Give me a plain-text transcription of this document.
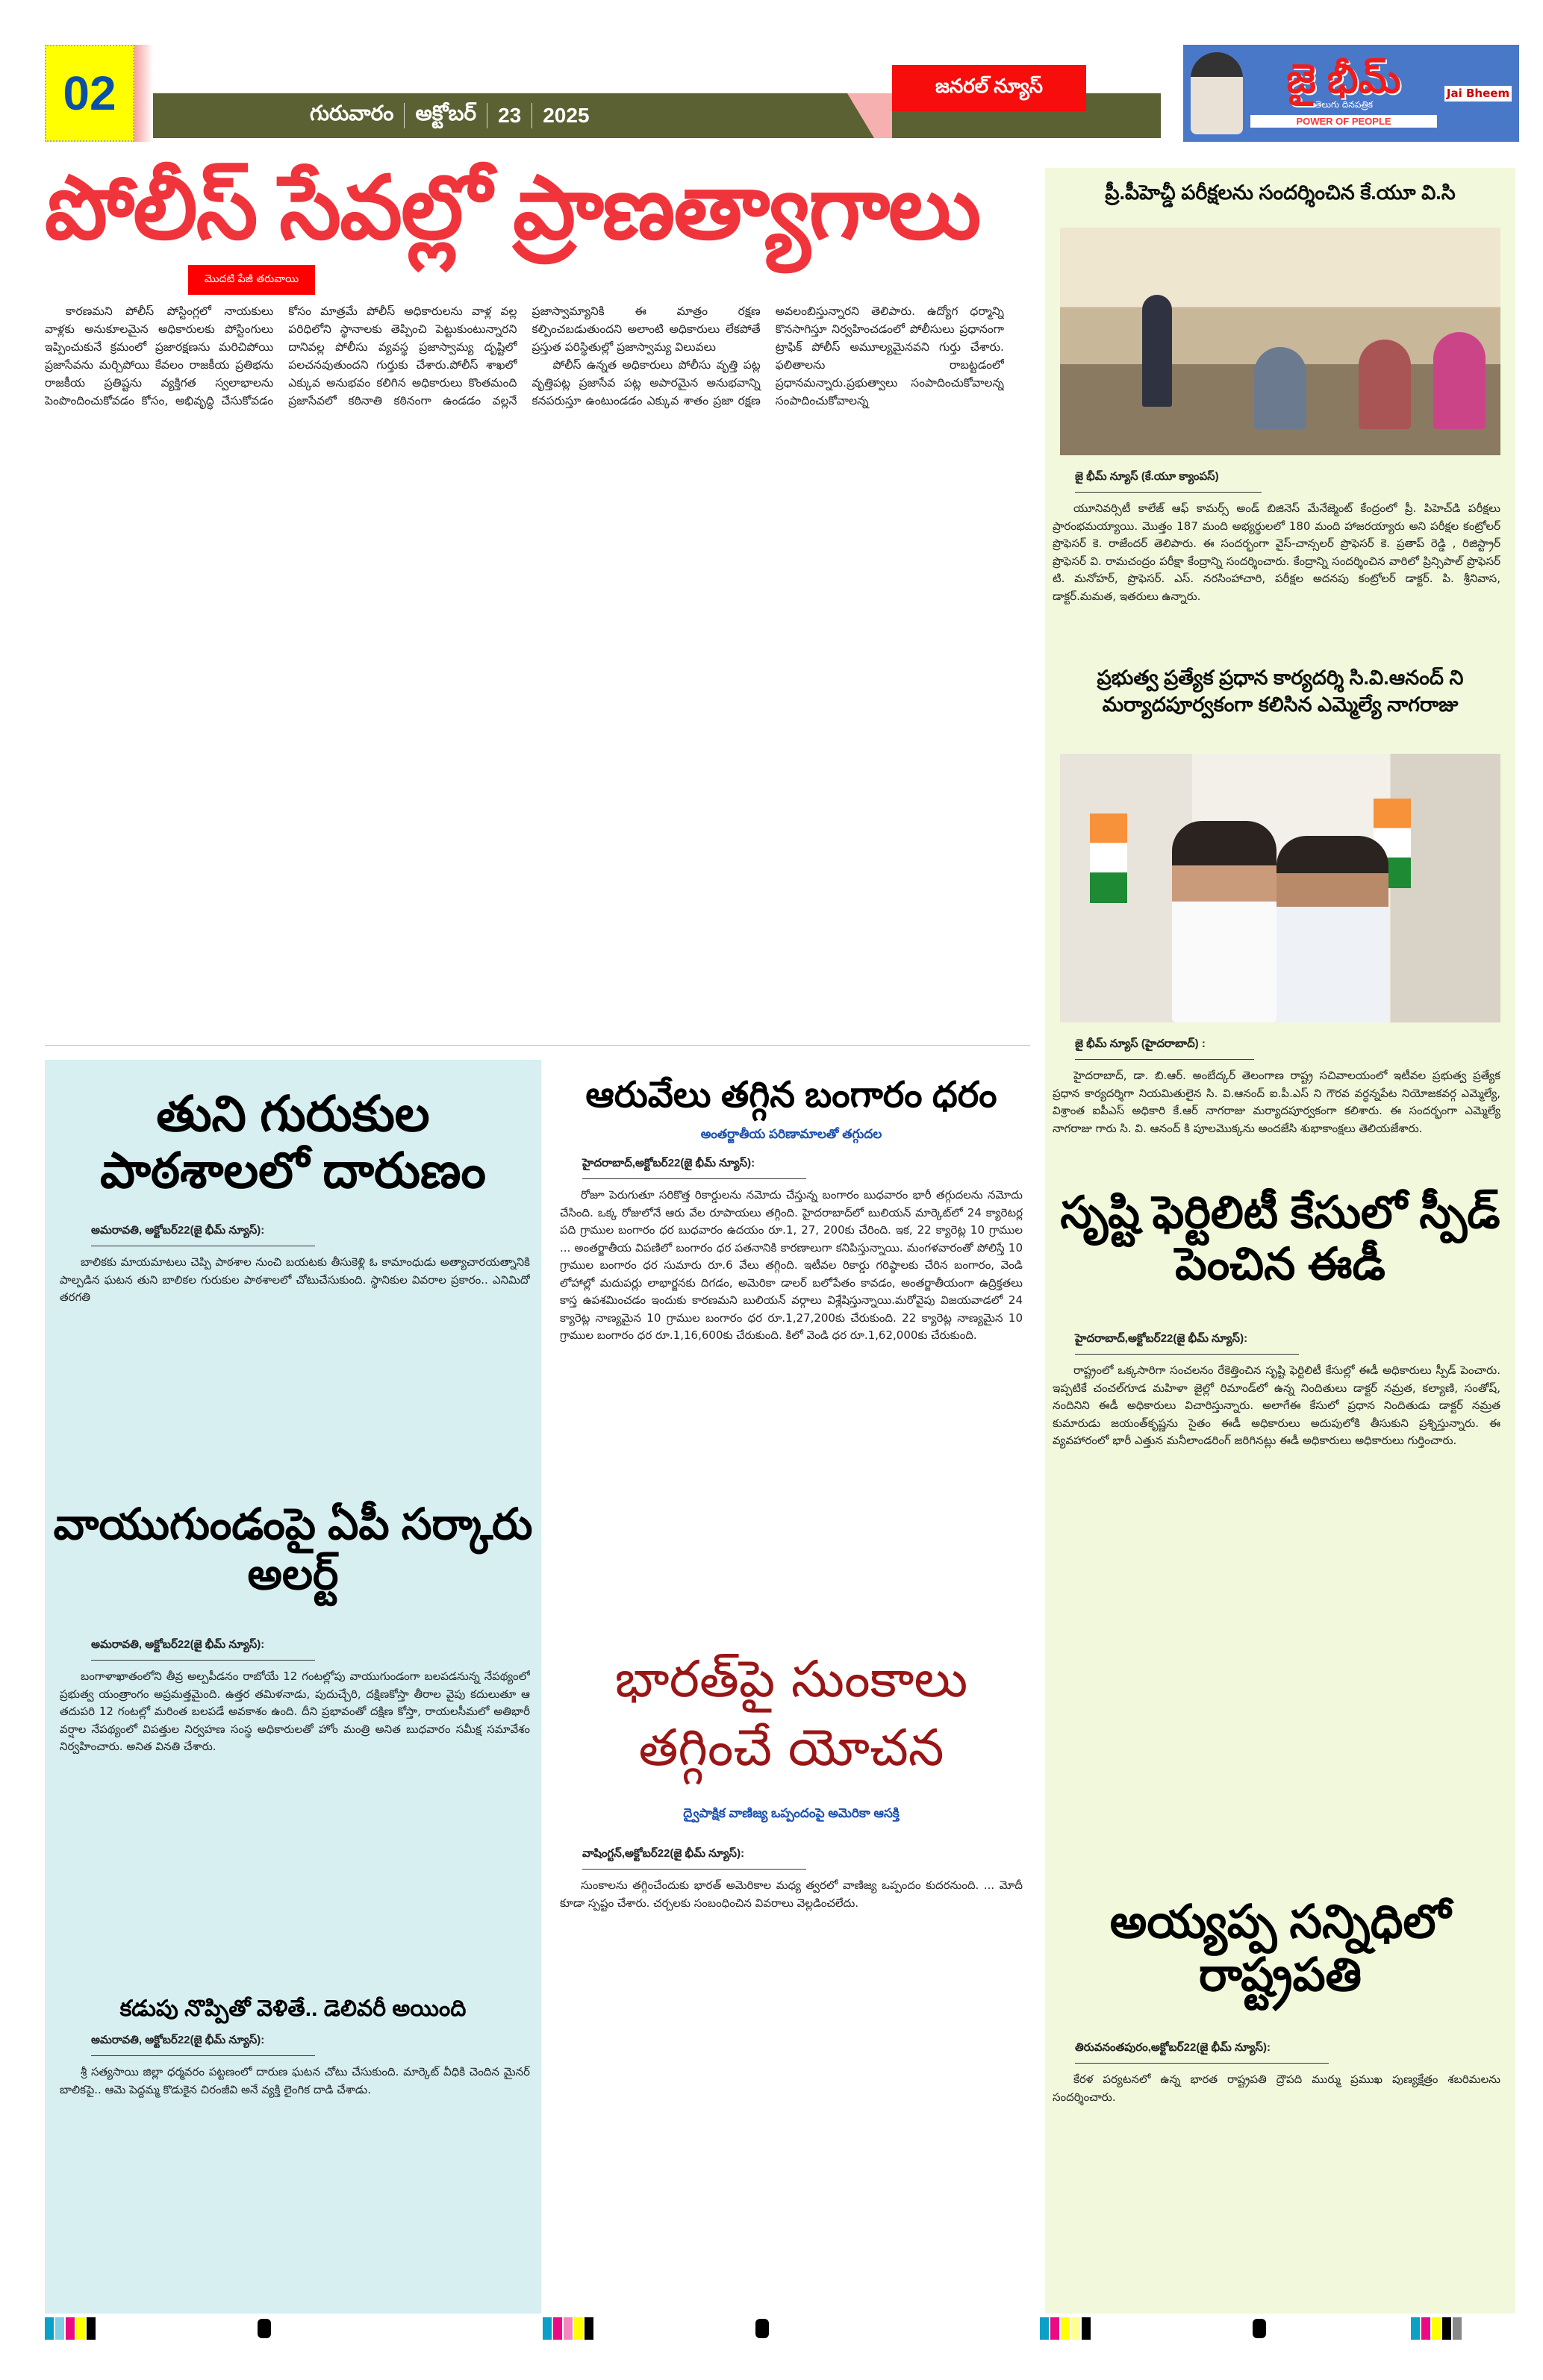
02	గురువారం అక్టోబర్ 23 2025
జనరల్ న్యూస్	జై భీమ్
తెలుగు దినపత్రిక
POWER OF PEOPLE
Jai Bheem
పోలీస్ సేవల్లో ప్రాణత్యాగాలు
మొదటి పేజీ తరువాయి

కారణమని పోలీస్ పోస్టింగ్లలో నాయకులు వాళ్లకు అనుకూలమైన అధికారులకు పోస్టింగులు ఇప్పించుకునే క్రమంలో ప్రజారక్షణను మరిచిపోయి ప్రజాసేవను మర్చిపోయి కేవలం రాజకీయ ప్రతిభను రాజకీయ ప్రతిష్టను వ్యక్తిగత స్వలాభాలను పెంపొందించుకోవడం కోసం, అభివృద్ధి చేసుకోవడం కోసం మాత్రమే పోలీస్ అధికారులను వాళ్ల వల్ల పరిధిలోని స్థానాలకు తెప్పించి పెట్టుకుంటున్నారని దానివల్ల పోలీసు వ్యవస్థ ప్రజాస్వామ్య దృష్టిలో పలచనవుతుందని గుర్తుకు చేశారు.పోలీస్ శాఖలో ఎక్కువ అనుభవం కలిగిన అధికారులు కొంతమంది ప్రజాసేవలో కఠినాతి కఠినంగా ఉండడం వల్లనే ప్రజాస్వామ్యానికి ఈ మాత్రం రక్షణ కల్పించబడుతుందని అలాంటి అధికారులు లేకపోతే ప్రస్తుత పరిస్థితుల్లో ప్రజాస్వామ్య విలువలు

పోలీస్ ఉన్నత అధికారులు పోలీసు వృత్తి పట్ల వృత్తిపట్ల ప్రజాసేవ పట్ల అపారమైన అనుభవాన్ని కనపరుస్తూ ఉంటుండడం ఎక్కువ శాతం ప్రజా రక్షణ అవలంబిస్తున్నారని తెలిపారు. ఉద్యోగ ధర్మాన్ని కొనసాగిస్తూ నిర్వహించడంలో పోలీసులు ప్రధానంగా ట్రాఫిక్ పోలీస్ అమూల్యమైనవని గుర్తు చేశారు. ఫలితాలను రాబట్టడంలో ప్రధానమన్నారు.ప్రభుత్వాలు సంపాదించుకోవాలన్న సంపాదించుకోవాలన్న

ప్రీ.పీహెచ్డీ పరీక్షలను సందర్శించిన కే.యూ వి.సి
జై భీమ్ న్యూస్ (కే.యూ క్యాంపస్)

యూనివర్సిటీ కాలేజ్ ఆఫ్ కామర్స్ అండ్ బిజినెస్ మేనేజ్మెంట్ కేంద్రంలో ప్రీ. పిహెచ్‌డి పరీక్షలు ప్రారంభమయ్యాయి. మొత్తం 187 మంది అభ్యర్థులలో 180 మంది హాజరయ్యారు అని పరీక్షల కంట్రోలర్ ప్రొఫెసర్ కె. రాజేందర్ తెలిపారు. ఈ సందర్భంగా వైస్-చాన్సలర్ ప్రొఫెసర్ కె. ప్రతాప్ రెడ్డి , రిజిస్ట్రార్ ప్రొఫెసర్ వి. రామచంద్రం పరీక్షా కేంద్రాన్ని సందర్శించారు. కేంద్రాన్ని సందర్శించిన వారిలో ప్రిన్సిపాల్ ప్రొఫెసర్ టి. మనోహర్, ప్రొఫెసర్. ఎస్. నరసింహాచారి, పరీక్షల అదనపు కంట్రోలర్ డాక్టర్. పి. శ్రీనివాస, డాక్టర్.మమత, ఇతరులు ఉన్నారు.

ప్రభుత్వ ప్రత్యేక ప్రధాన కార్యదర్శి సి.వి.ఆనంద్ ని మర్యాదపూర్వకంగా కలిసిన ఎమ్మెల్యే నాగరాజు
జై భీమ్ న్యూస్ (హైదరాబాద్) :

హైదరాబాద్, డా. బి.ఆర్. అంబేద్కర్ తెలంగాణ రాష్ట్ర సచివాలయంలో ఇటీవల ప్రభుత్వ ప్రత్యేక ప్రధాన కార్యదర్శిగా నియమితులైన సి. వి.ఆనంద్ ఐ.పీ.ఎస్ ని గౌరవ వర్ధన్నపేట నియోజకవర్గ ఎమ్మెల్యే, విశ్రాంత ఐపీఎస్ అధికారి కే.ఆర్ నాగరాజు మర్యాదపూర్వకంగా కలిశారు. ఈ సందర్భంగా ఎమ్మెల్యే నాగరాజు గారు సి. వి. ఆనంద్ కి పూలమొక్కను అందజేసి శుభాకాంక్షలు తెలియజేశారు.

సృష్టి ఫెర్టిలిటీ కేసులో స్పీడ్ పెంచిన ఈడీ
హైదరాబాద్,అక్టోబర్22(జై భీమ్ న్యూస్):

రాష్ట్రంలో ఒక్కసారిగా సంచలనం రేకెత్తించిన సృష్టి ఫెర్టిలిటీ కేసుల్లో ఈడీ అధికారులు స్పీడ్ పెంచారు. ఇప్పటికే చంచల్‌గూడ మహిళా జైల్లో రిమాండ్‌లో ఉన్న నిందితులు డాక్టర్ నమ్రత, కల్యాణి, సంతోష్, నందినిని ఈడీ అధికారులు విచారిస్తున్నారు. అలాగేఈ కేసులో ప్రధాన నిందితుడు డాక్టర్ నమ్రత కుమారుడు జయంత్‌కృష్ణను సైతం ఈడీ అధికారులు అదుపులోకి తీసుకుని ప్రశ్నిస్తున్నారు. ఈ వ్యవహారంలో భారీ ఎత్తున మనీలాండరింగ్ జరిగినట్లు ఈడీ అధికారులు అధికారులు గుర్తించారు.

అయ్యప్ప సన్నిధిలో రాష్ట్రపతి
తిరువనంతపురం,అక్టోబర్22(జై భీమ్ న్యూస్):

కేరళ పర్యటనలో ఉన్న భారత రాష్ట్రపతి ద్రౌపది ముర్ము ప్రముఖ పుణ్యక్షేత్రం శబరిమలను సందర్శించారు.

తుని గురుకుల పాఠశాలలో దారుణం
అమరావతి, అక్టోబర్22(జై భీమ్ న్యూస్):

బాలికకు మాయమాటలు చెప్పి పాఠశాల నుంచి బయటకు తీసుకెళ్లి ఓ కామాంధుడు అత్యాచారయత్నానికి పాల్పడిన ఘటన తుని బాలికల గురుకుల పాఠశాలలో చోటుచేసుకుంది. స్థానికుల వివరాల ప్రకారం.. ఎనిమిదో తరగతి

వాయుగుండంపై ఏపీ సర్కారు అలర్ట్
అమరావతి, అక్టోబర్22(జై భీమ్ న్యూస్):

బంగాళాఖాతంలోని తీవ్ర అల్పపీడనం రాబోయే 12 గంటల్లోపు వాయుగుండంగా బలపడనున్న నేపథ్యంలో ప్రభుత్వ యంత్రాంగం అప్రమత్తమైంది. ఉత్తర తమిళనాడు, పుదుచ్చేరి, దక్షిణకోస్తా తీరాల వైపు కదులుతూ ఆ తదుపరి 12 గంటల్లో మరింత బలపడే అవకాశం ఉంది. దీని ప్రభావంతో దక్షిణ కోస్తా, రాయలసీమలో అతిభారీ వర్షాల నేపథ్యంలో విపత్తుల నిర్వహణ సంస్థ అధికారులతో హోం మంత్రి అనిత బుధవారం సమీక్ష సమావేశం నిర్వహించారు. అనిత వినతి చేశారు.

కడుపు నొప్పితో వెళితే.. డెలివరీ అయింది
అమరావతి, అక్టోబర్22(జై భీమ్ న్యూస్):

శ్రీ సత్యసాయి జిల్లా ధర్మవరం పట్టణంలో దారుణ ఘటన చోటు చేసుకుంది. మార్కెట్ వీధికి చెందిన మైనర్ బాలికపై.. ఆమె పెద్దమ్మ కొడుకైన చిరంజీవి అనే వ్యక్తి లైంగిక దాడి చేశాడు.

ఆరువేలు తగ్గిన బంగారం ధరం
అంతర్జాతీయ పరిణామాలతో తగ్గుదల
హైదరాబాద్,అక్టోబర్22(జై భీమ్ న్యూస్):

రోజూ పెరుగుతూ సరికొత్త రికార్డులను నమోదు చేస్తున్న బంగారం బుధవారం భారీ తగ్గుదలను నమోదు చేసింది. ఒక్క రోజులోనే ఆరు వేల రూపాయలు తగ్గింది. హైదరాబాద్‌లో బులియన్ మార్కెట్‌లో 24 క్యారెటర్ల పది గ్రాముల బంగారం ధర బుధవారం ఉదయం రూ.1, 27, 200కు చేరింది. ఇక, 22 క్యారెట్ల 10 గ్రాముల ... అంతర్జాతీయ విపణిలో బంగారం ధర పతనానికి కారణాలుగా కనిపిస్తున్నాయి. మంగళవారంతో పోలిస్తే 10 గ్రాముల బంగారం ధర సుమారు రూ.6 వేలు తగ్గింది. ఇటీవల రికార్డు గరిష్ఠాలకు చేరిన బంగారం, వెండి లోహాల్లో మదుపర్లు లాభార్జనకు దిగడం, అమెరికా డాలర్ బలోపేతం కావడం, అంతర్జాతీయంగా ఉద్రిక్తతలు కాస్త ఉపశమించడం ఇందుకు కారణమని బులియన్ వర్గాలు విశ్లేషిస్తున్నాయి.మరోవైపు విజయవాడలో 24 క్యారెట్ల నాణ్యమైన 10 గ్రాముల బంగారం ధర రూ.1,27,200కు చేరుకుంది. 22 క్యారెట్ల నాణ్యమైన 10 గ్రాముల బంగారం ధర రూ.1,16,600కు చేరుకుంది. కిలో వెండి ధర రూ.1,62,000కు చేరుకుంది.

భారత్‌పై సుంకాలు తగ్గించే యోచన
ద్వైపాక్షిక వాణిజ్య ఒప్పందంపై అమెరికా ఆసక్తి
వాషింగ్టన్,అక్టోబర్22(జై భీమ్ న్యూస్):

సుంకాలను తగ్గించేందుకు భారత్ అమెరికాల మధ్య త్వరలో వాణిజ్య ఒప్పందం కుదరనుంది. ... మోదీ కూడా స్పష్టం చేశారు. చర్చలకు సంబంధించిన వివరాలు వెల్లడించలేదు.
